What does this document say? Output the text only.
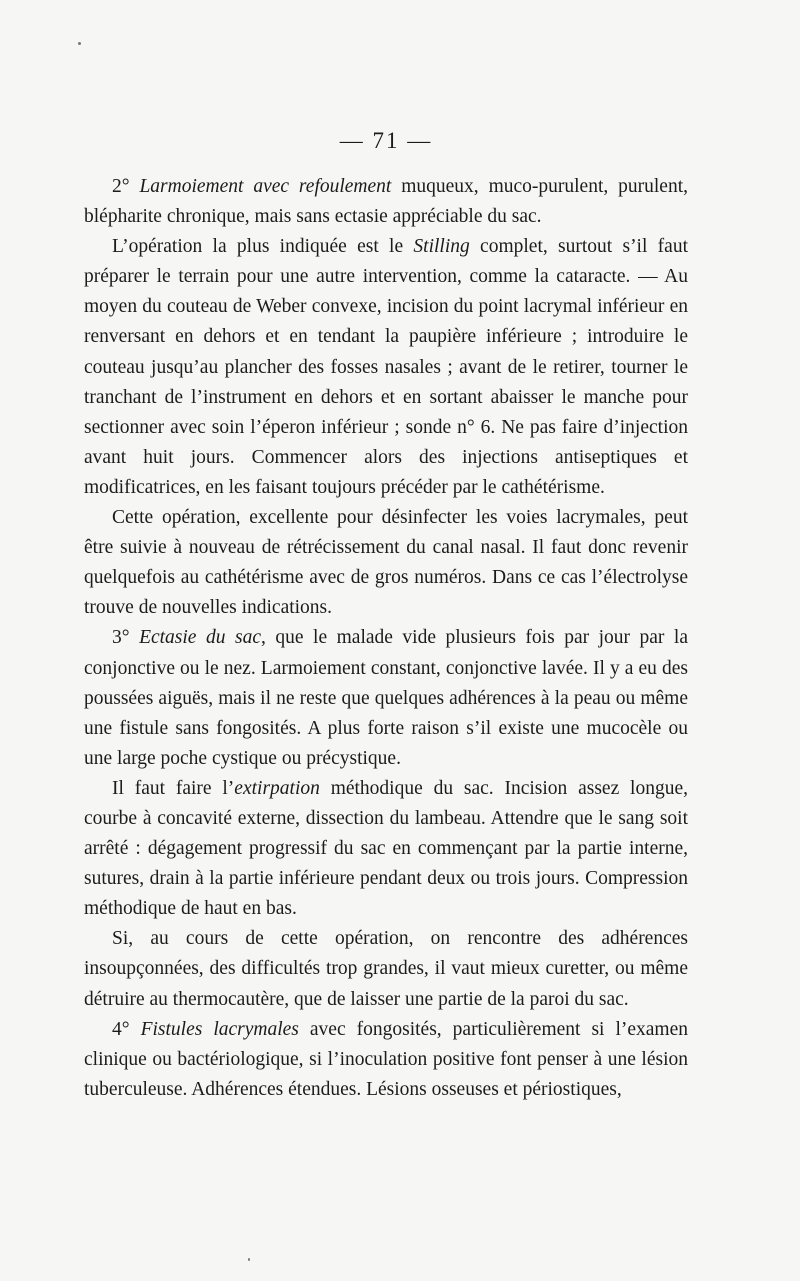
— 71 —

2° Larmoiement avec refoulement muqueux, muco-purulent, purulent, blépharite chronique, mais sans ectasie appréciable du sac.

L’opération la plus indiquée est le Stilling complet, surtout s’il faut préparer le terrain pour une autre intervention, comme la cataracte. — Au moyen du couteau de Weber convexe, incision du point lacrymal inférieur en renversant en dehors et en tendant la paupière inférieure ; introduire le couteau jusqu’au plancher des fosses nasales ; avant de le retirer, tourner le tranchant de l’instrument en dehors et en sortant abaisser le manche pour sectionner avec soin l’éperon inférieur ; sonde n° 6. Ne pas faire d’injection avant huit jours. Commencer alors des injections antiseptiques et modificatrices, en les faisant toujours précéder par le cathétérisme.

Cette opération, excellente pour désinfecter les voies lacrymales, peut être suivie à nouveau de rétrécissement du canal nasal. Il faut donc revenir quelquefois au cathétérisme avec de gros numéros. Dans ce cas l’électrolyse trouve de nouvelles indications.

3° Ectasie du sac, que le malade vide plusieurs fois par jour par la conjonctive ou le nez. Larmoiement constant, conjonctive lavée. Il y a eu des poussées aiguës, mais il ne reste que quelques adhérences à la peau ou même une fistule sans fongosités. A plus forte raison s’il existe une mucocèle ou une large poche cystique ou précystique.

Il faut faire l’extirpation méthodique du sac. Incision assez longue, courbe à concavité externe, dissection du lambeau. Attendre que le sang soit arrêté : dégagement progressif du sac en commençant par la partie interne, sutures, drain à la partie inférieure pendant deux ou trois jours. Compression méthodique de haut en bas.

Si, au cours de cette opération, on rencontre des adhérences insoupçonnées, des difficultés trop grandes, il vaut mieux curetter, ou même détruire au thermocautère, que de laisser une partie de la paroi du sac.

4° Fistules lacrymales avec fongosités, particulièrement si l’examen clinique ou bactériologique, si l’inoculation positive font penser à une lésion tuberculeuse. Adhérences étendues. Lésions osseuses et périostiques,
